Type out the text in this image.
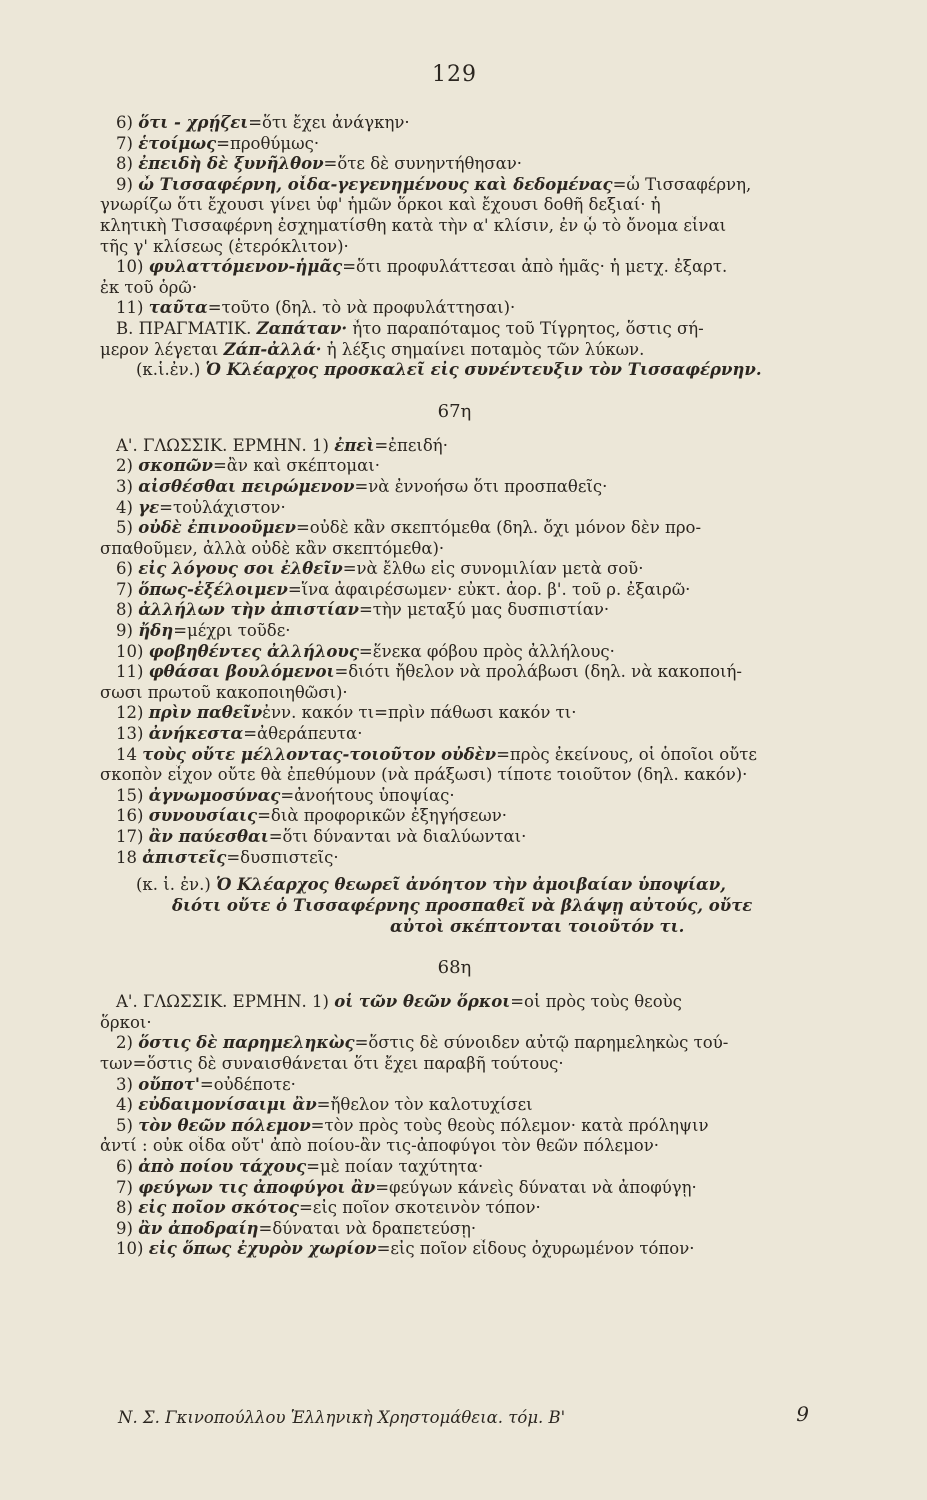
129
6) ὅτι - χρῄζει=ὅτι ἔχει ἀνάγκην·
7) ἑτοίμως=προθύμως·
8) ἐπειδὴ δὲ ξυνῆλθον=ὅτε δὲ συνηντήθησαν·
9) ὦ Τισσαφέρνη, οἶδα-γεγενημένους καὶ δεδομένας=ὦ Τισσαφέρνη,
γνωρίζω ὅτι ἔχουσι γίνει ὑφ' ἡμῶν ὅρκοι καὶ ἔχουσι δοθῆ δεξιαί· ἡ
κλητικὴ Τισσαφέρνη ἐσχηματίσθη κατὰ τὴν α' κλίσιν, ἐν ᾧ τὸ ὄνομα εἶναι
τῆς γ' κλίσεως (ἑτερόκλιτον)·
10) φυλαττόμενον-ἡμᾶς=ὅτι προφυλάττεσαι ἀπὸ ἡμᾶς· ἡ μετχ. ἐξαρτ.
ἐκ τοῦ ὁρῶ·
11) ταῦτα=τοῦτο (δηλ. τὸ νὰ προφυλάττησαι)·
Β. ΠΡΑΓΜΑΤΙΚ. Ζαπάταν· ἦτο παραπόταμος τοῦ Τίγρητος, ὅστις σή-
μερον λέγεται Ζάπ-ἀλλά· ἡ λέξις σημαίνει ποταμὸς τῶν λύκων.
(κ.ἱ.ἐν.) Ὁ Κλέαρχος προσκαλεῖ εἰς συνέντευξιν τὸν Τισσαφέρνην.
67η
Α'. ΓΛΩΣΣΙΚ. ΕΡΜΗΝ. 1) ἐπεὶ=ἐπειδή·
2) σκοπῶν=ἂν καὶ σκέπτομαι·
3) αἰσθέσθαι πειρώμενον=νὰ ἐννοήσω ὅτι προσπαθεῖς·
4) γε=τοὐλάχιστον·
5) οὐδὲ ἐπινοοῦμεν=οὐδὲ κἂν σκεπτόμεθα (δηλ. ὄχι μόνον δὲν προ-
σπαθοῦμεν, ἀλλὰ οὐδὲ κἂν σκεπτόμεθα)·
6) εἰς λόγους σοι ἐλθεῖν=νὰ ἔλθω εἰς συνομιλίαν μετὰ σοῦ·
7) ὅπως-ἐξέλοιμεν=ἵνα ἀφαιρέσωμεν· εὐκτ. ἀορ. β'. τοῦ ρ. ἐξαιρῶ·
8) ἀλλήλων τὴν ἀπιστίαν=τὴν μεταξύ μας δυσπιστίαν·
9) ἤδη=μέχρι τοῦδε·
10) φοβηθέντες ἀλλήλους=ἕνεκα φόβου πρὸς ἀλλήλους·
11) φθάσαι βουλόμενοι=διότι ἤθελον νὰ προλάβωσι (δηλ. νὰ κακοποιή-
σωσι πρωτοῦ κακοποιηθῶσι)·
12) πρὶν παθεῖνἐνν. κακόν τι=πρὶν πάθωσι κακόν τι·
13) ἀνήκεστα=ἀθεράπευτα·
14 τοὺς οὔτε μέλλοντας-τοιοῦτον οὐδὲν=πρὸς ἐκείνους, οἱ ὁποῖοι οὔτε
σκοπὸν εἶχον οὔτε θὰ ἐπεθύμουν (νὰ πράξωσι) τίποτε τοιοῦτον (δηλ. κακόν)·
15) ἀγνωμοσύνας=ἀνοήτους ὑποψίας·
16) συνουσίαις=διὰ προφορικῶν ἐξηγήσεων·
17) ἂν παύεσθαι=ὅτι δύνανται νὰ διαλύωνται·
18 ἀπιστεῖς=δυσπιστεῖς·
(κ. ἱ. ἐν.) Ὁ Κλέαρχος θεωρεῖ ἀνόητον τὴν ἀμοιβαίαν ὑποψίαν,
διότι οὔτε ὁ Τισσαφέρνης προσπαθεῖ νὰ βλάψῃ αὐτούς, οὔτε
αὐτοὶ σκέπτονται τοιοῦτόν τι.
68η
Α'. ΓΛΩΣΣΙΚ. ΕΡΜΗΝ. 1) οἱ τῶν θεῶν ὅρκοι=οἱ πρὸς τοὺς θεοὺς
ὅρκοι·
2) ὅστις δὲ παρημεληκὼς=ὅστις δὲ σύνοιδεν αὐτῷ παρημεληκὼς τού-
των=ὅστις δὲ συναισθάνεται ὅτι ἔχει παραβῆ τούτους·
3) οὔποτ'=οὐδέποτε·
4) εὐδαιμονίσαιμι ἂν=ἤθελον τὸν καλοτυχίσει
5) τὸν θεῶν πόλεμον=τὸν πρὸς τοὺς θεοὺς πόλεμον· κατὰ πρόληψιν
ἀντί : οὐκ οἶδα οὔτ' ἀπὸ ποίου-ἂν τις-ἀποφύγοι τὸν θεῶν πόλεμον·
6) ἀπὸ ποίου τάχους=μὲ ποίαν ταχύτητα·
7) φεύγων τις ἀποφύγοι ἂν=φεύγων κάνεὶς δύναται νὰ ἀποφύγῃ·
8) εἰς ποῖον σκότος=εἰς ποῖον σκοτεινὸν τόπον·
9) ἂν ἀποδραίη=δύναται νὰ δραπετεύσῃ·
10) εἰς ὅπως ἐχυρὸν χωρίον=εἰς ποῖον εἶδους ὀχυρωμένον τόπον·
Ν. Σ. Γκινοπούλλου Ἑλληνικὴ Χρηστομάθεια. τόμ. Β'	9
